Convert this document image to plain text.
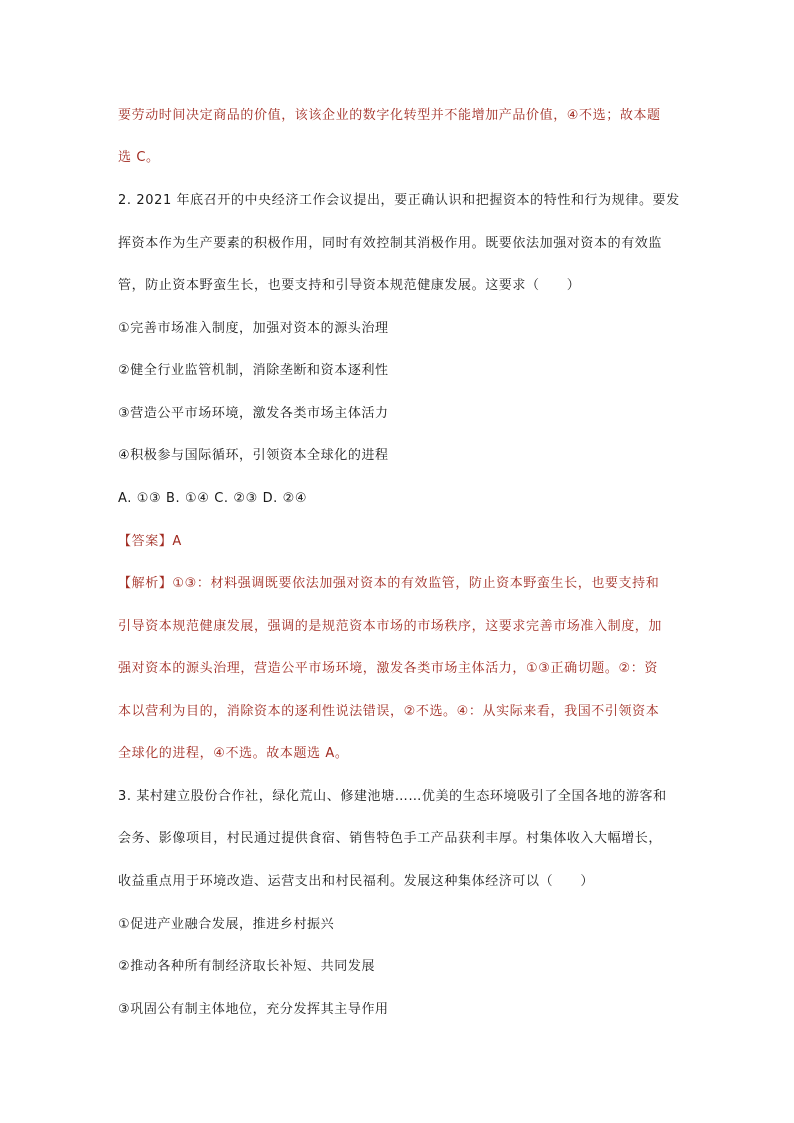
要劳动时间决定商品的价值，该该企业的数字化转型并不能增加产品价值，④不选；故本题
选 C。
2. 2021 年底召开的中央经济工作会议提出，要正确认识和把握资本的特性和行为规律。要发
挥资本作为生产要素的积极作用，同时有效控制其消极作用。既要依法加强对资本的有效监
管，防止资本野蛮生长，也要支持和引导资本规范健康发展。这要求（　　）
①完善市场准入制度，加强对资本的源头治理
②健全行业监管机制，消除垄断和资本逐利性
③营造公平市场环境，激发各类市场主体活力
④积极参与国际循环，引领资本全球化的进程
A. ①③ B. ①④ C. ②③ D. ②④
【答案】A
【解析】①③：材料强调既要依法加强对资本的有效监管，防止资本野蛮生长，也要支持和
引导资本规范健康发展，强调的是规范资本市场的市场秩序，这要求完善市场准入制度，加
强对资本的源头治理，营造公平市场环境，激发各类市场主体活力，①③正确切题。②：资
本以营利为目的，消除资本的逐利性说法错误，②不选。④：从实际来看，我国不引领资本
全球化的进程，④不选。故本题选 A。
3. 某村建立股份合作社，绿化荒山、修建池塘……优美的生态环境吸引了全国各地的游客和
会务、影像项目，村民通过提供食宿、销售特色手工产品获利丰厚。村集体收入大幅增长，
收益重点用于环境改造、运营支出和村民福利。发展这种集体经济可以（　　）
①促进产业融合发展，推进乡村振兴
②推动各种所有制经济取长补短、共同发展
③巩固公有制主体地位，充分发挥其主导作用
